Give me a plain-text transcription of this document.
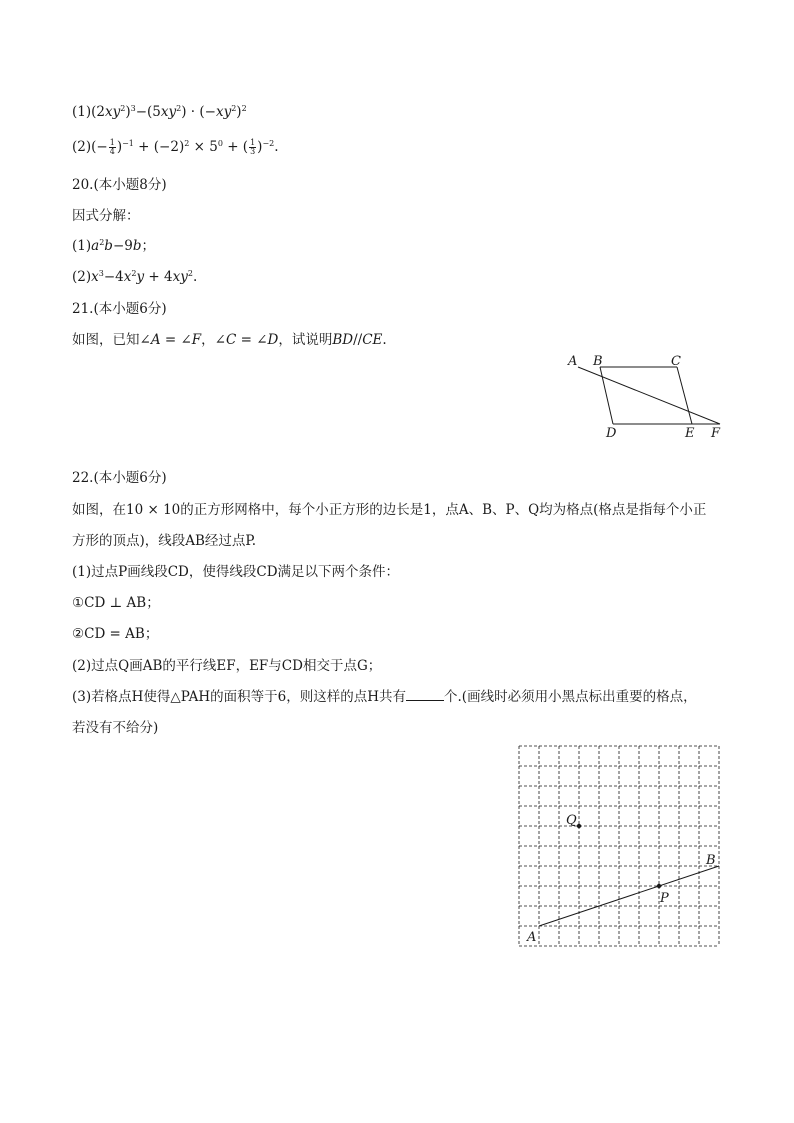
$(1)(2xy^2)^3-(5xy^2) \cdot (-xy^2)^2$
$(2)(- \frac{1}{4} )^{-1} + (-2)^2 \times 5^0$ + ( $\frac{1}{3} )^{-2}$.
20.(本小题8分)
因式分解：
$(1)a^2b-9b$；
$(2)x^3-4x^2y + 4xy^2$.
21.(本小题6分)
如图，已知∠A = ∠F，∠C = ∠D，试说明BD//CE.
A B	C
D	E F
22.(本小题6分)
如图，在10 × 10的正方形网格中，每个小正方形的边长是1，点A、B、P、Q均为格点(格点是指每个小正
方形的顶点)，线段AB经过点P.
(1)过点P画线段CD，使得线段CD满足以下两个条件：
①CD ⊥ AB；
②CD = AB；
(2)过点Q画AB的平行线EF，EF与CD相交于点G；
(3)若格点H使得△PAH的面积等于6，则这样的点H共有	个.(画线时必须用小黑点标出重要的格点，
若没有不给分)
Q
B
P
A
